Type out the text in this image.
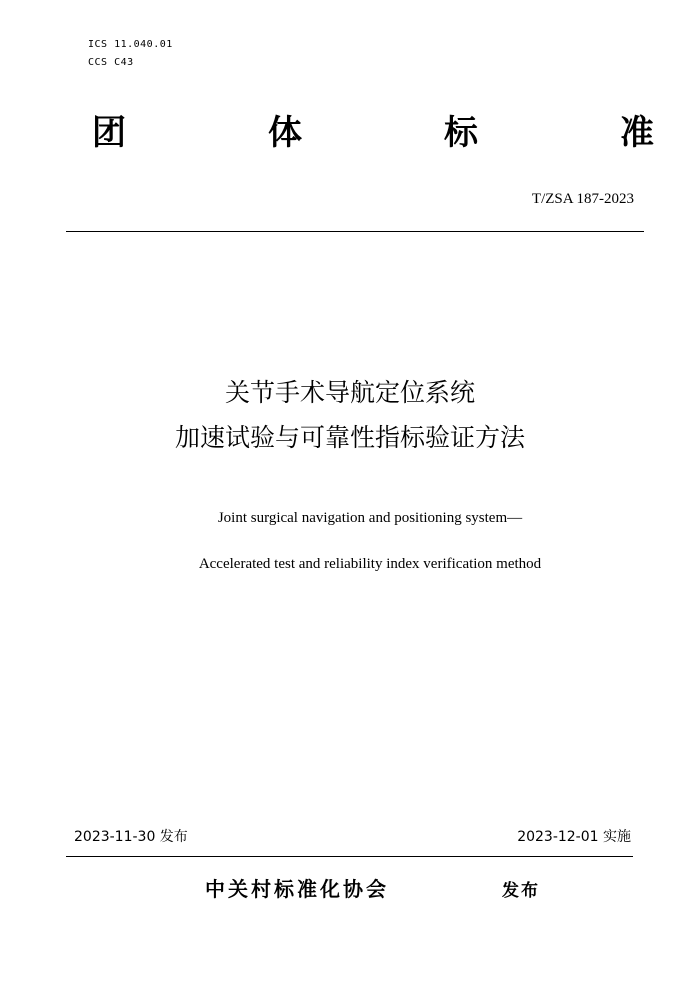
ICS 11.040.01
CCS C43
团	体	标	准
T/ZSA 187-2023
关节手术导航定位系统
加速试验与可靠性指标验证方法
Joint surgical navigation and positioning system—
Accelerated test and reliability index verification method
2023-11-30 发布	2023-12-01 实施
中关村标准化协会	发布
